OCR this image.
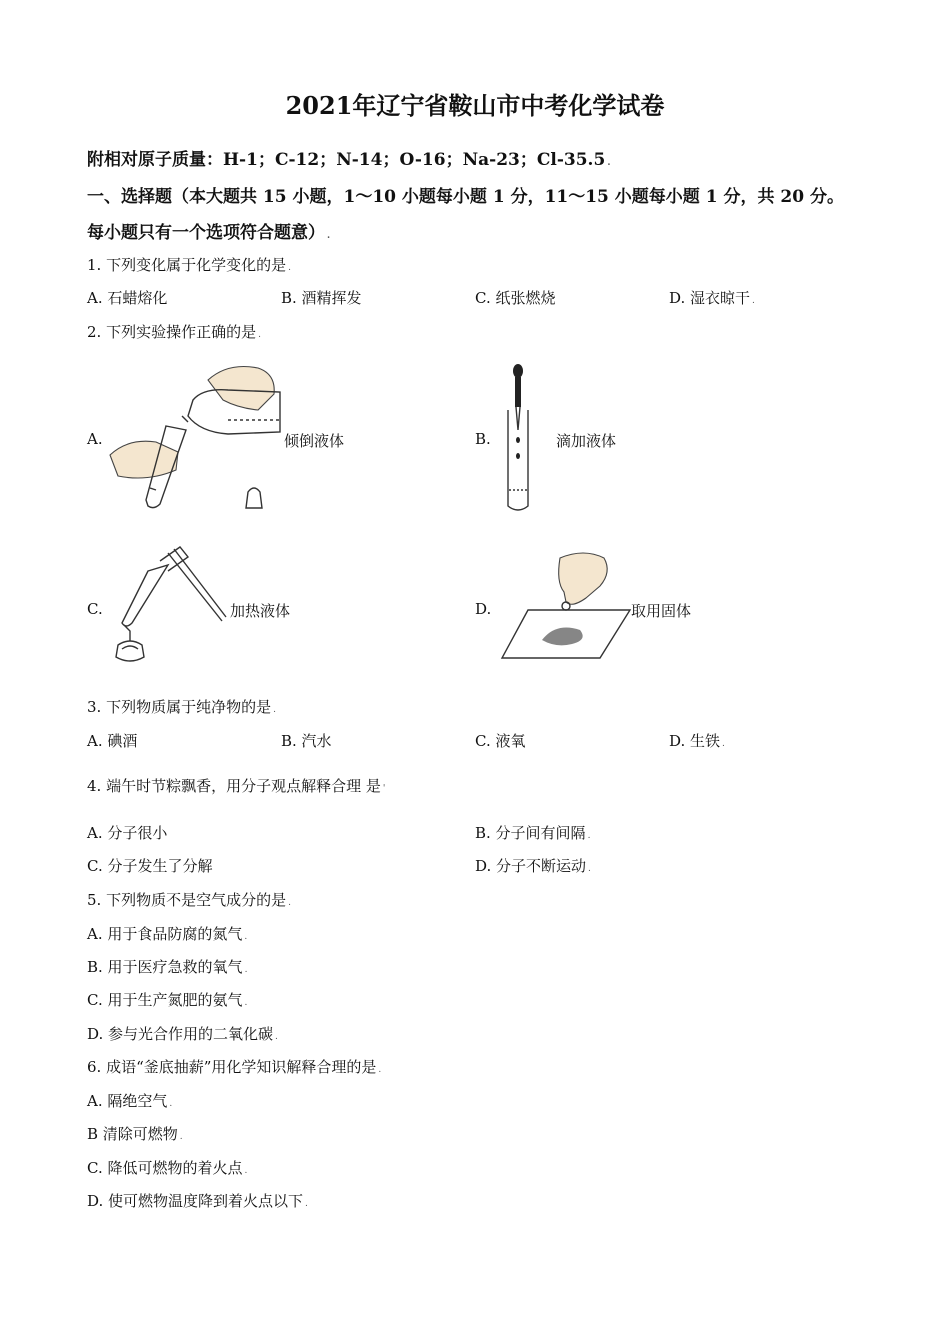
2021年辽宁省鞍山市中考化学试卷
附相对原子质量：H-1；C-12；N-14；O-16；Na-23；Cl-35.5 .
一、选择题（本大题共 15 小题，1～10 小题每小题 1 分，11～15 小题每小题 1 分，共 20 分。
每小题只有一个选项符合题意） .
1. 下列变化属于化学变化的是 .
A. 石蜡熔化	B. 酒精挥发	C. 纸张燃烧	D. 湿衣晾干 .
2. 下列实验操作正确的是 .
A.	倾倒液体	B.	滴加液体
C.	加热液体	D.	取用固体
3. 下列物质属于纯净物的是 .
A. 碘酒	B. 汽水	C. 液氧	D. 生铁 .
4. 端午时节粽飘香，用分子观点解释合理 是 '
A. 分子很小	B. 分子间有间隔 .
C. 分子发生了分解	D. 分子不断运动 .
5. 下列物质不是空气成分的是 .
A. 用于食品防腐的氮气 .
B. 用于医疗急救的氧气 .
C. 用于生产氮肥的氨气 .
D. 参与光合作用的二氧化碳 .
6. 成语“釜底抽薪”用化学知识解释合理的是 .
A. 隔绝空气 .
B 清除可燃物 .
C. 降低可燃物的着火点 .
D. 使可燃物温度降到着火点以下 .
